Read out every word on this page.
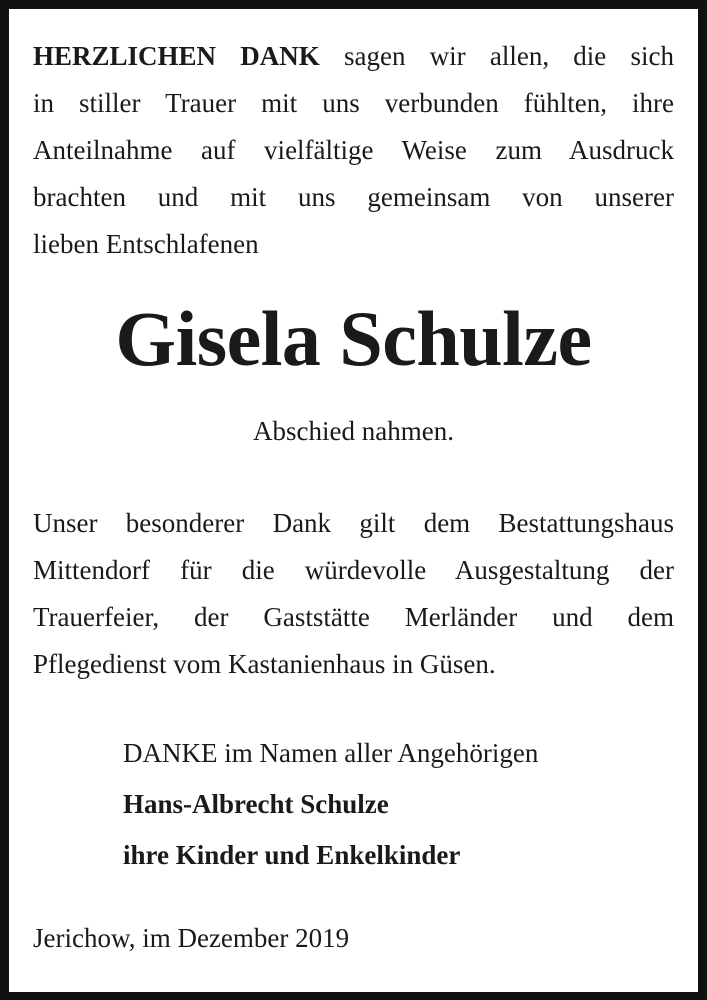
HERZLICHEN DANK sagen wir allen, die sich
in stiller Trauer mit uns verbunden fühlten, ihre
Anteilnahme auf vielfältige Weise zum Ausdruck
brachten und mit uns gemeinsam von unserer
lieben Entschlafenen
Gisela Schulze

Abschied nahmen.

Unser besonderer Dank gilt dem Bestattungshaus
Mittendorf für die würdevolle Ausgestaltung der
Trauerfeier, der Gaststätte Merländer und dem
Pflegedienst vom Kastanienhaus in Güsen.
DANKE im Namen aller Angehörigen
Hans-Albrecht Schulze
ihre Kinder und Enkelkinder

Jerichow, im Dezember 2019
